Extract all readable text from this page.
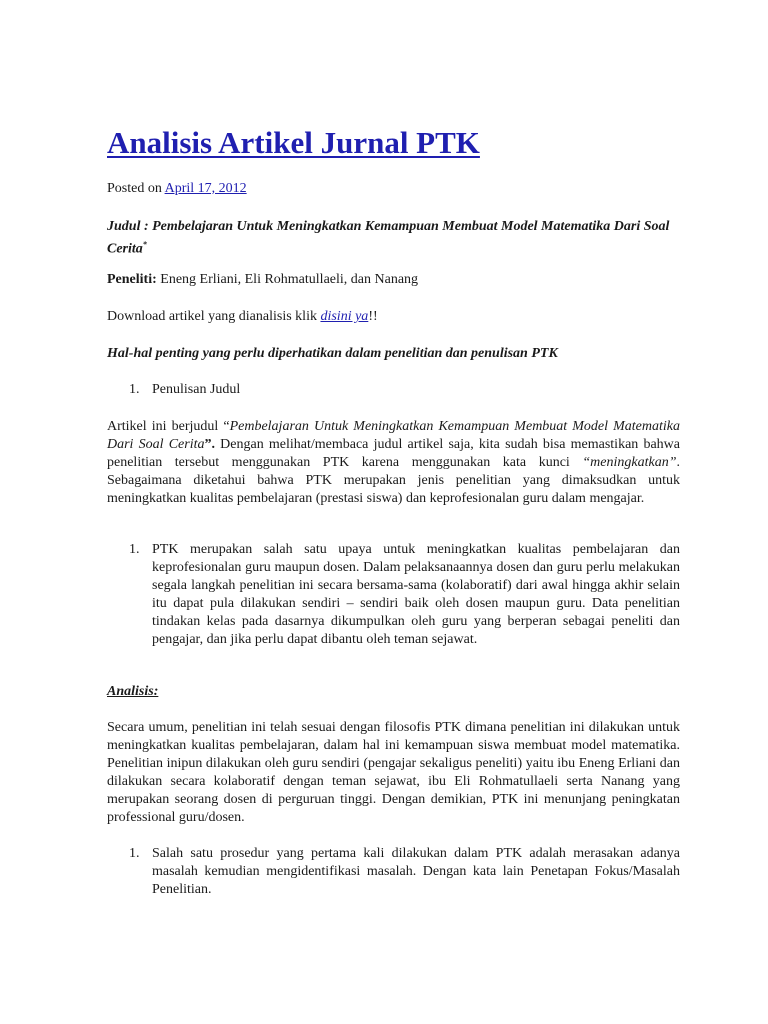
Analisis Artikel Jurnal PTK
Posted on April 17, 2012
Judul : Pembelajaran Untuk Meningkatkan Kemampuan Membuat Model Matematika Dari Soal Cerita*
Peneliti: Eneng Erliani, Eli Rohmatullaeli, dan Nanang
Download artikel yang dianalisis klik disini ya!!
Hal-hal penting yang perlu diperhatikan dalam penelitian dan penulisan PTK
1. Penulisan Judul

Artikel ini berjudul “Pembelajaran Untuk Meningkatkan Kemampuan Membuat Model Matematika Dari Soal Cerita”. Dengan melihat/membaca judul artikel saja, kita sudah bisa memastikan bahwa penelitian tersebut menggunakan PTK karena menggunakan kata kunci “meningkatkan”. Sebagaimana diketahui bahwa PTK merupakan jenis penelitian yang dimaksudkan untuk meningkatkan kualitas pembelajaran (prestasi siswa) dan keprofesionalan guru dalam mengajar.

1. PTK merupakan salah satu upaya untuk meningkatkan kualitas pembelajaran dan keprofesionalan guru maupun dosen. Dalam pelaksanaannya dosen dan guru perlu melakukan segala langkah penelitian ini secara bersama-sama (kolaboratif) dari awal hingga akhir selain itu dapat pula dilakukan sendiri – sendiri baik oleh dosen maupun guru. Data penelitian tindakan kelas pada dasarnya dikumpulkan oleh guru yang berperan sebagai peneliti dan pengajar, dan jika perlu dapat dibantu oleh teman sejawat.
Analisis:

Secara umum, penelitian ini telah sesuai dengan filosofis PTK dimana penelitian ini dilakukan untuk meningkatkan kualitas pembelajaran, dalam hal ini kemampuan siswa membuat model matematika. Penelitian inipun dilakukan oleh guru sendiri (pengajar sekaligus peneliti) yaitu ibu Eneng Erliani dan dilakukan secara kolaboratif dengan teman sejawat, ibu Eli Rohmatullaeli serta Nanang yang merupakan seorang dosen di perguruan tinggi. Dengan demikian, PTK ini menunjang peningkatan professional guru/dosen.

1. Salah satu prosedur yang pertama kali dilakukan dalam PTK adalah merasakan adanya masalah kemudian mengidentifikasi masalah. Dengan kata lain Penetapan Fokus/Masalah Penelitian.
